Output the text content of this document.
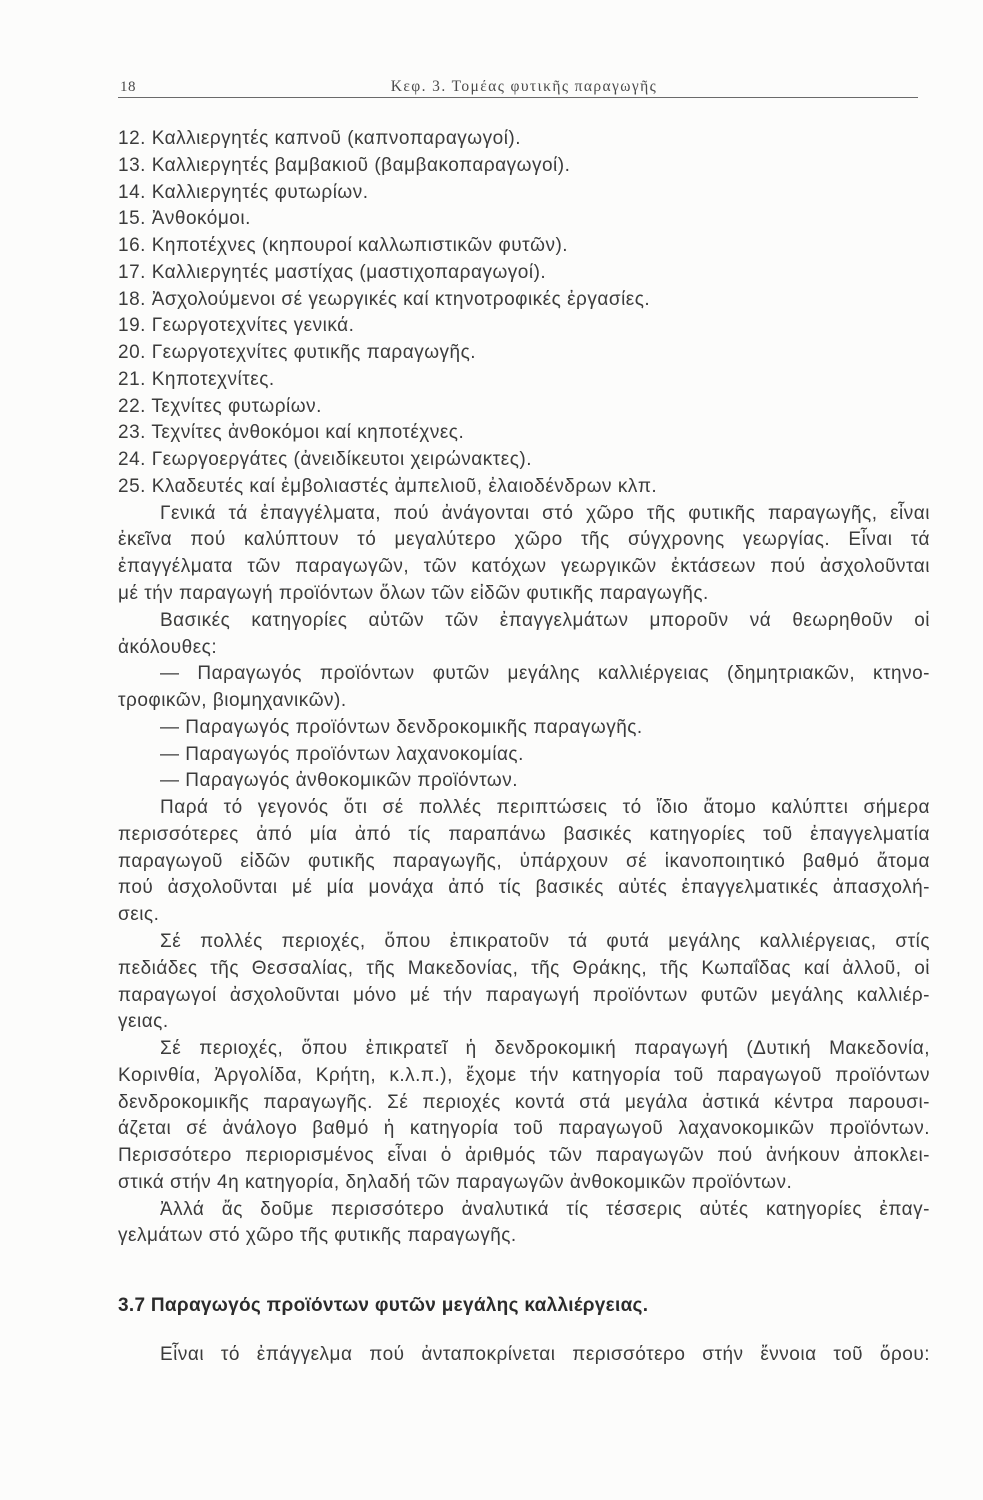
Κεφ. 3. Τομέας φυτικῆς παραγωγῆς
18
12. Καλλιεργητές καπνοῦ (καπνοπαραγωγοί).
13. Καλλιεργητές βαμβακιοῦ (βαμβακοπαραγωγοί).
14. Καλλιεργητές φυτωρίων.
15. Ἀνθοκόμοι.
16. Κηποτέχνες (κηπουροί καλλωπιστικῶν φυτῶν).
17. Καλλιεργητές μαστίχας (μαστιχοπαραγωγοί).
18. Ἀσχολούμενοι σέ γεωργικές καί κτηνοτροφικές ἐργασίες.
19. Γεωργοτεχνίτες γενικά.
20. Γεωργοτεχνίτες φυτικῆς παραγωγῆς.
21. Κηποτεχνίτες.
22. Τεχνίτες φυτωρίων.
23. Τεχνίτες ἀνθοκόμοι καί κηποτέχνες.
24. Γεωργοεργάτες (ἀνειδίκευτοι χειρώνακτες).
25. Κλαδευτές καί ἐμβολιαστές ἀμπελιοῦ, ἐλαιοδένδρων κλπ.
Γενικά τά ἐπαγγέλματα, πού ἀνάγονται στό χῶρο τῆς φυτικῆς παραγωγῆς, εἶναι
ἐκεῖνα πού καλύπτουν τό μεγαλύτερο χῶρο τῆς σύγχρονης γεωργίας. Εἶναι τά
ἐπαγγέλματα τῶν παραγωγῶν, τῶν κατόχων γεωργικῶν ἐκτάσεων πού ἀσχολοῦνται
μέ τήν παραγωγή προϊόντων ὅλων τῶν εἰδῶν φυτικῆς παραγωγῆς.
Βασικές κατηγορίες αὐτῶν τῶν ἐπαγγελμάτων μποροῦν νά θεωρηθοῦν οἱ
ἀκόλουθες:
— Παραγωγός προϊόντων φυτῶν μεγάλης καλλιέργειας (δημητριακῶν, κτηνο-
τροφικῶν, βιομηχανικῶν).
— Παραγωγός προϊόντων δενδροκομικῆς παραγωγῆς.
— Παραγωγός προϊόντων λαχανοκομίας.
— Παραγωγός ἀνθοκομικῶν προϊόντων.
Παρά τό γεγονός ὅτι σέ πολλές περιπτώσεις τό ἴδιο ἄτομο καλύπτει σήμερα
περισσότερες ἀπό μία ἀπό τίς παραπάνω βασικές κατηγορίες τοῦ ἐπαγγελματία
παραγωγοῦ εἰδῶν φυτικῆς παραγωγῆς, ὑπάρχουν σέ ἱκανοποιητικό βαθμό ἄτομα
πού ἀσχολοῦνται μέ μία μονάχα ἀπό τίς βασικές αὐτές ἐπαγγελματικές ἀπασχολή-
σεις.
Σέ πολλές περιοχές, ὅπου ἐπικρατοῦν τά φυτά μεγάλης καλλιέργειας, στίς
πεδιάδες τῆς Θεσσαλίας, τῆς Μακεδονίας, τῆς Θράκης, τῆς Κωπαΐδας καί ἀλλοῦ, οἱ
παραγωγοί ἀσχολοῦνται μόνο μέ τήν παραγωγή προϊόντων φυτῶν μεγάλης καλλιέρ-
γειας.
Σέ περιοχές, ὅπου ἐπικρατεῖ ἡ δενδροκομική παραγωγή (Δυτική Μακεδονία,
Κορινθία, Ἀργολίδα, Κρήτη, κ.λ.π.), ἔχομε τήν κατηγορία τοῦ παραγωγοῦ προϊόντων
δενδροκομικῆς παραγωγῆς. Σέ περιοχές κοντά στά μεγάλα ἀστικά κέντρα παρουσι-
άζεται σέ ἀνάλογο βαθμό ἡ κατηγορία τοῦ παραγωγοῦ λαχανοκομικῶν προϊόντων.
Περισσότερο περιορισμένος εἶναι ὁ ἀριθμός τῶν παραγωγῶν πού ἀνήκουν ἀποκλει-
στικά στήν 4η κατηγορία, δηλαδή τῶν παραγωγῶν ἀνθοκομικῶν προϊόντων.
Ἀλλά ἄς δοῦμε περισσότερο ἀναλυτικά τίς τέσσερις αὐτές κατηγορίες ἐπαγ-
γελμάτων στό χῶρο τῆς φυτικῆς παραγωγῆς.
3.7 Παραγωγός προϊόντων φυτῶν μεγάλης καλλιέργειας.
Εἶναι τό ἐπάγγελμα πού ἀνταποκρίνεται περισσότερο στήν ἔννοια τοῦ ὅρου:
